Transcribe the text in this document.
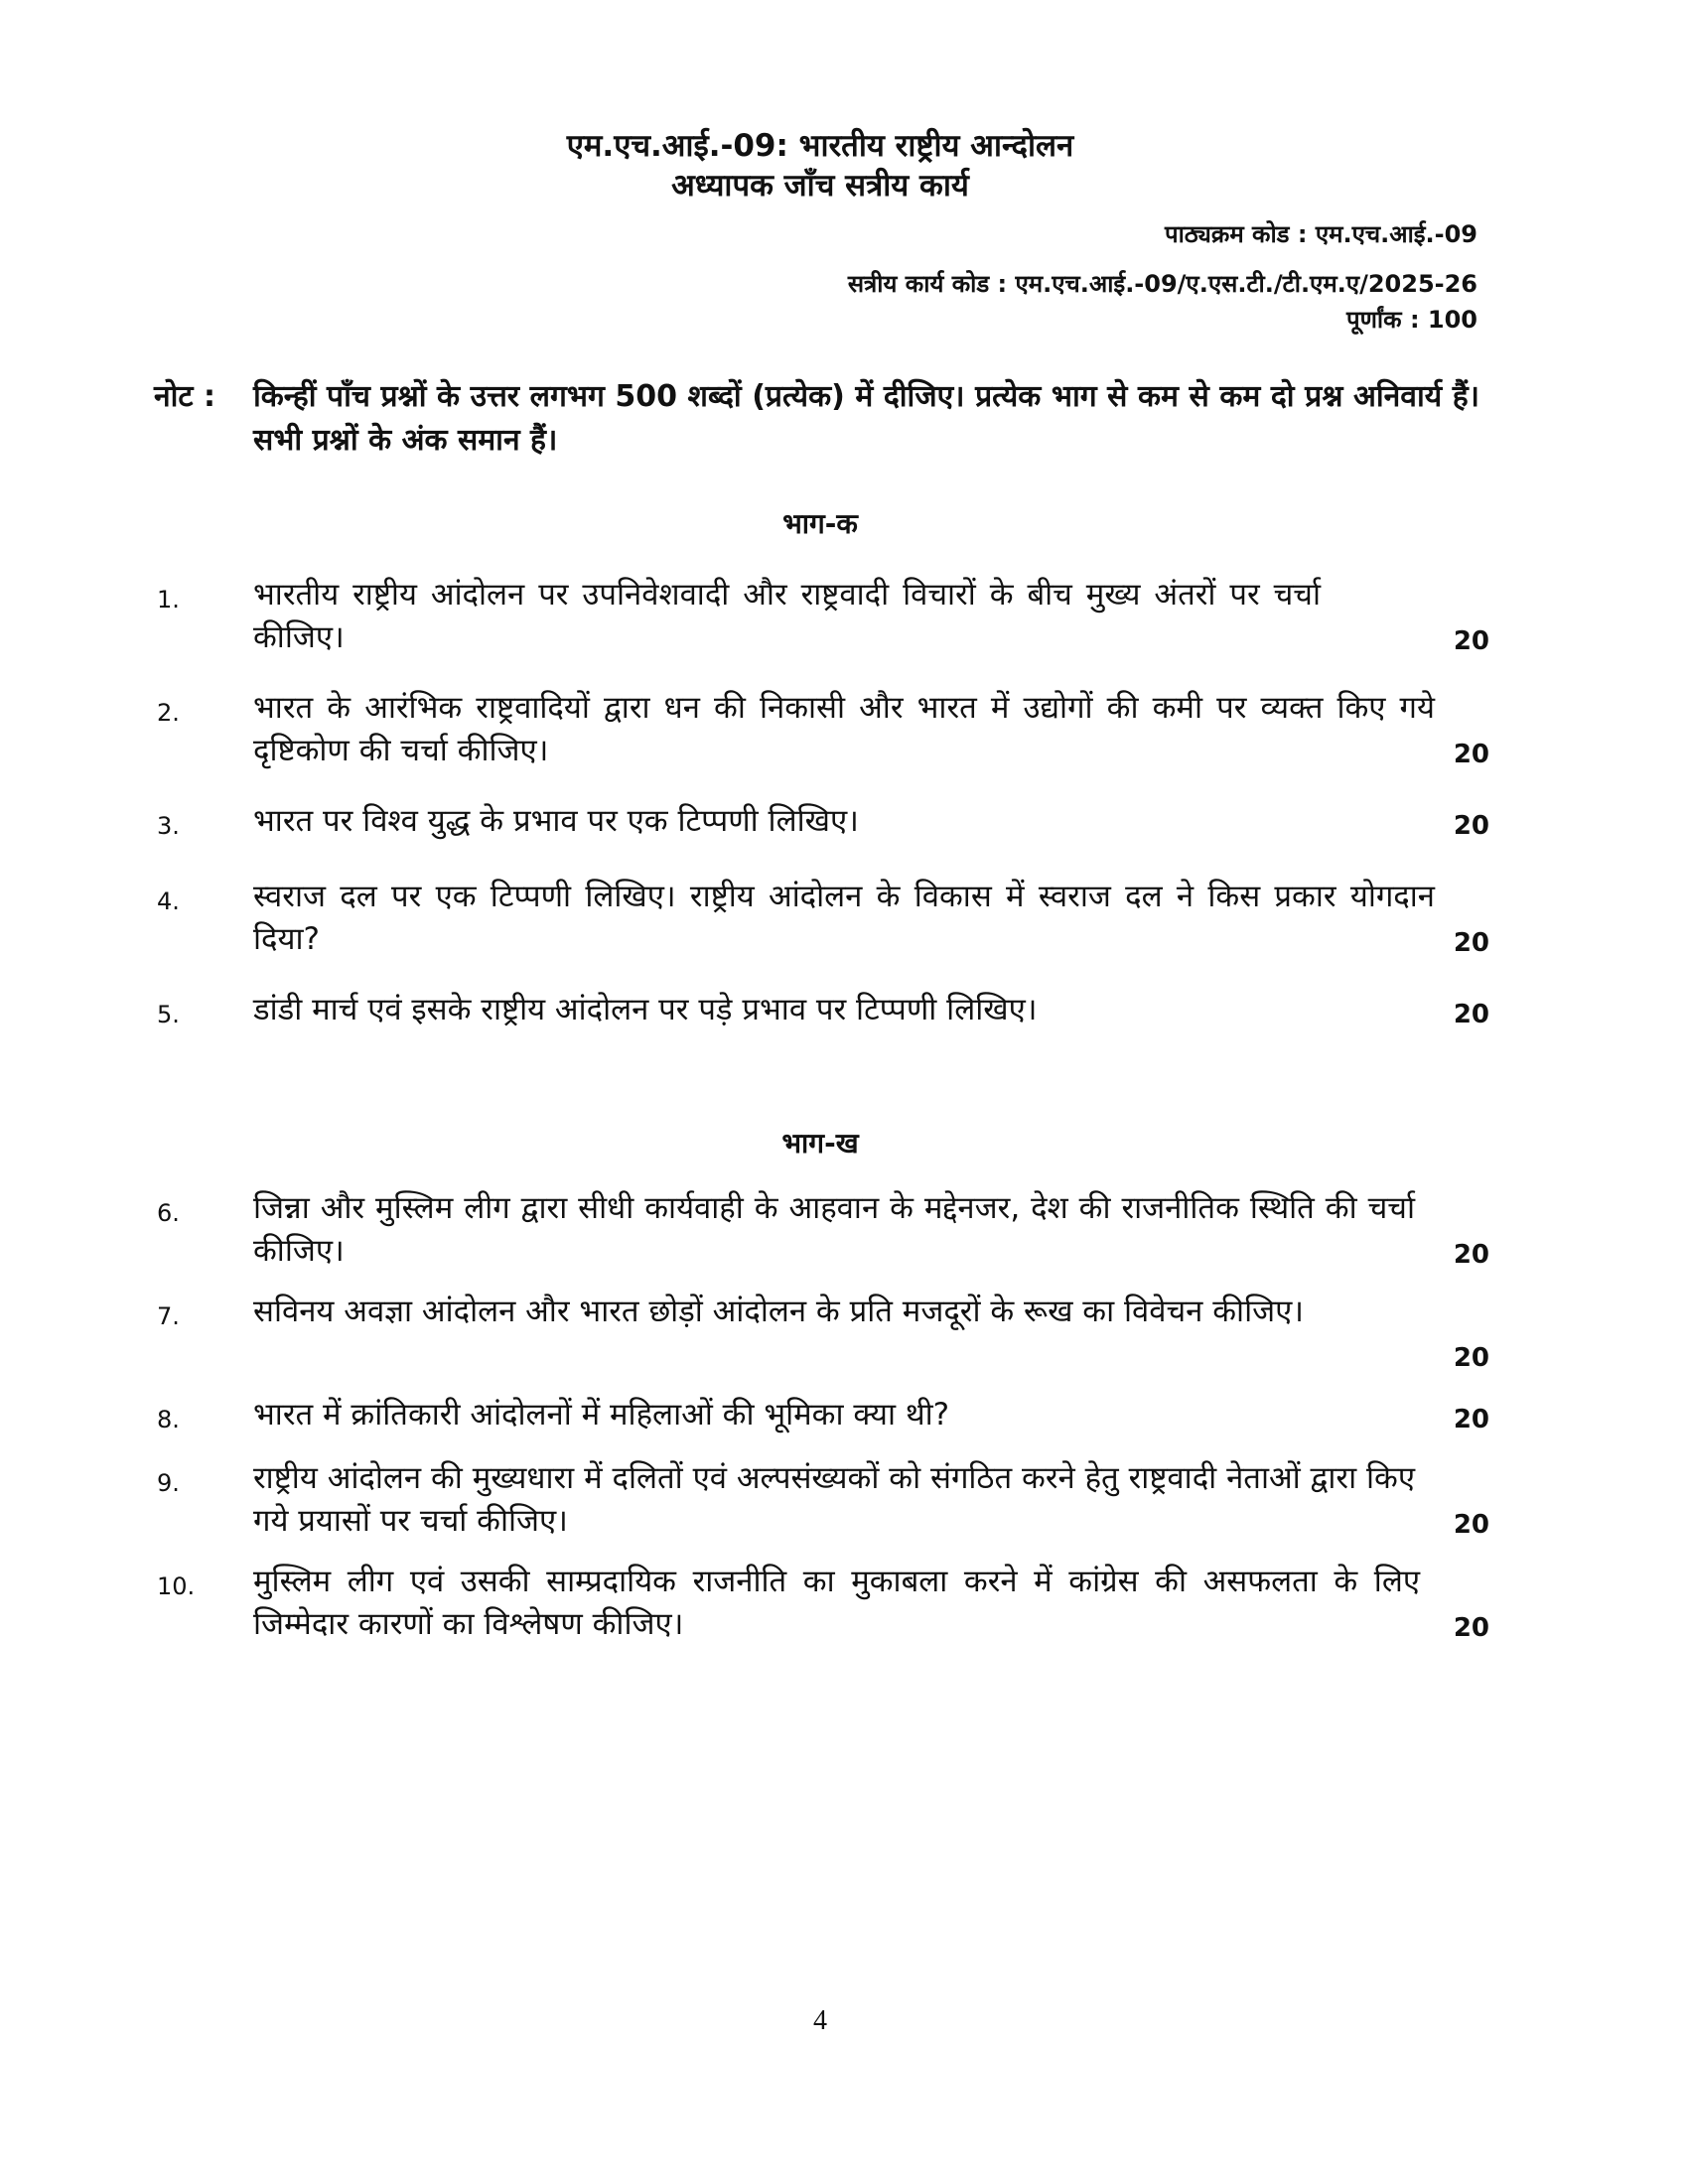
एम.एच.आई.-09: भारतीय राष्ट्रीय आन्दोलन
अध्यापक जाँच सत्रीय कार्य
पाठ्यक्रम कोड : एम.एच.आई.-09
सत्रीय कार्य कोड : एम.एच.आई.-09/ए.एस.टी./टी.एम.ए/2025-26
पूर्णांक : 100
नोट : किन्हीं पाँच प्रश्नों के उत्तर लगभग 500 शब्दों (प्रत्येक) में दीजिए। प्रत्येक भाग से कम से कम दो प्रश्न अनिवार्य हैं। सभी प्रश्नों के अंक समान हैं।
भाग-क
1. भारतीय राष्ट्रीय आंदोलन पर उपनिवेशवादी और राष्ट्रवादी विचारों के बीच मुख्य अंतरों पर चर्चा कीजिए।	20
2. भारत के आरंभिक राष्ट्रवादियों द्वारा धन की निकासी और भारत में उद्योगों की कमी पर व्यक्त किए गये दृष्टिकोण की चर्चा कीजिए।	20
3. भारत पर विश्व युद्ध के प्रभाव पर एक टिप्पणी लिखिए।	20
4. स्वराज दल पर एक टिप्पणी लिखिए। राष्ट्रीय आंदोलन के विकास में स्वराज दल ने किस प्रकार योगदान दिया?	20
5. डांडी मार्च एवं इसके राष्ट्रीय आंदोलन पर पड़े प्रभाव पर टिप्पणी लिखिए।	20
भाग-ख
6. जिन्ना और मुस्लिम लीग द्वारा सीधी कार्यवाही के आहवान के मद्देनजर, देश की राजनीतिक स्थिति की चर्चा कीजिए।	20
7. सविनय अवज्ञा आंदोलन और भारत छोड़ों आंदोलन के प्रति मजदूरों के रूख का विवेचन कीजिए।
20
8. भारत में क्रांतिकारी आंदोलनों में महिलाओं की भूमिका क्या थी?	20
9. राष्ट्रीय आंदोलन की मुख्यधारा में दलितों एवं अल्पसंख्यकों को संगठित करने हेतु राष्ट्रवादी नेताओं द्वारा किए गये प्रयासों पर चर्चा कीजिए।	20
10. मुस्लिम लीग एवं उसकी साम्प्रदायिक राजनीति का मुकाबला करने में कांग्रेस की असफलता के लिए जिम्मेदार कारणों का विश्लेषण कीजिए।	20
4
